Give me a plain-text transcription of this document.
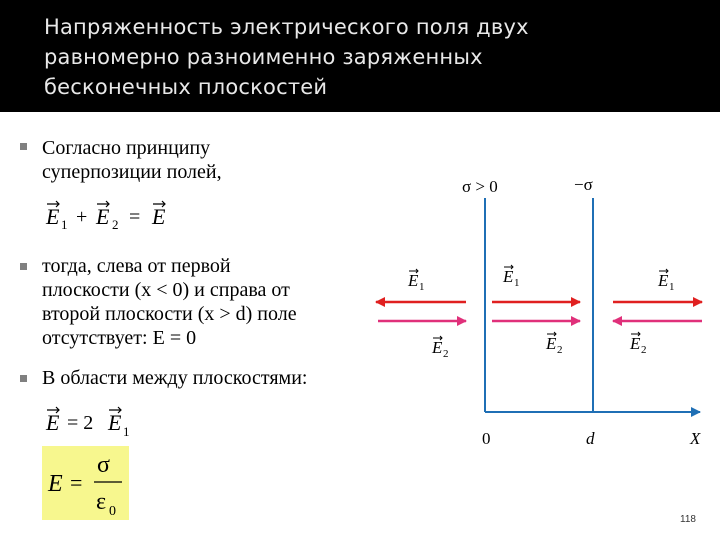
Напряженность электрического поля двух
равномерно разноименно заряженных
бесконечных плоскостей
Согласно принципу
суперпозиции полей,
E 1 + E 2 = E
тогда, слева от первой
плоскости (x < 0) и справа от
второй плоскости (x > d) поле
отсутствует: E = 0
В области между плоскостями:
E = 2 E 1
E =
σ
ε 0
σ > 0	−σ
0	d	X
E 1
E 1	E 1
E 2
E 2	E 2
118
